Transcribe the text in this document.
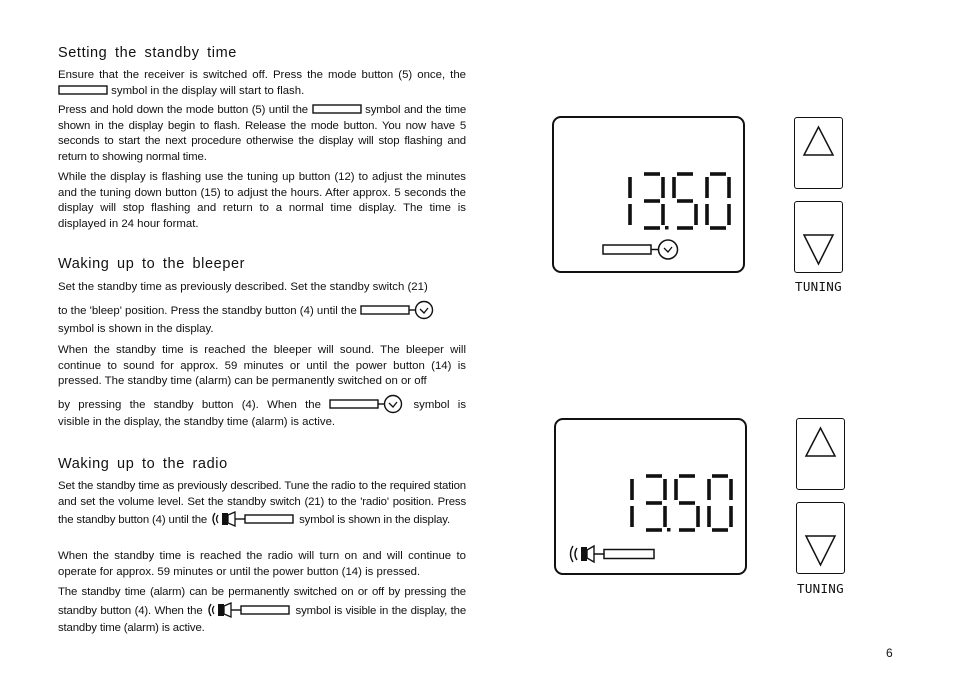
Setting the standby time

Ensure that the receiver is switched off. Press the mode button (5) once, the
symbol in the display will start to flash.

Press and hold down the mode button (5) until the	symbol and the time shown in the display begin to flash. Release the mode button. You now have 5 seconds to start the next procedure otherwise the display will stop flashing and return to showing normal time.

While the display is flashing use the tuning up button (12) to adjust the minutes and the tuning down button (15) to adjust the hours. After approx. 5 seconds the display will stop flashing and return to a normal time display. The time is displayed in 24 hour format.

Waking up to the bleeper

Set the standby time as previously described. Set the standby switch (21)

to the 'bleep' position. Press the standby button (4) until the

symbol is shown in the display.

When the standby time is reached the bleeper will sound. The bleeper will continue to sound for approx. 59 minutes or until the power button (14) is pressed. The standby time (alarm) can be permanently switched on or off

by pressing the standby button (4). When the	symbol is

visible in the display, the standby time (alarm) is active.

Waking up to the radio

Set the standby time as previously described. Tune the radio to the required station and set the volume level. Set the standby switch (21) to the 'radio' position. Press the standby button (4) until the	symbol is shown in the display.

When the standby time is reached the radio will turn on and will continue to operate for approx. 59 minutes or until the power button (14) is pressed.

The standby time (alarm) can be permanently switched on or off by pressing the standby button (4). When the	symbol is visible in the display, the standby time (alarm) is active.

TUNING
TUNING
6
